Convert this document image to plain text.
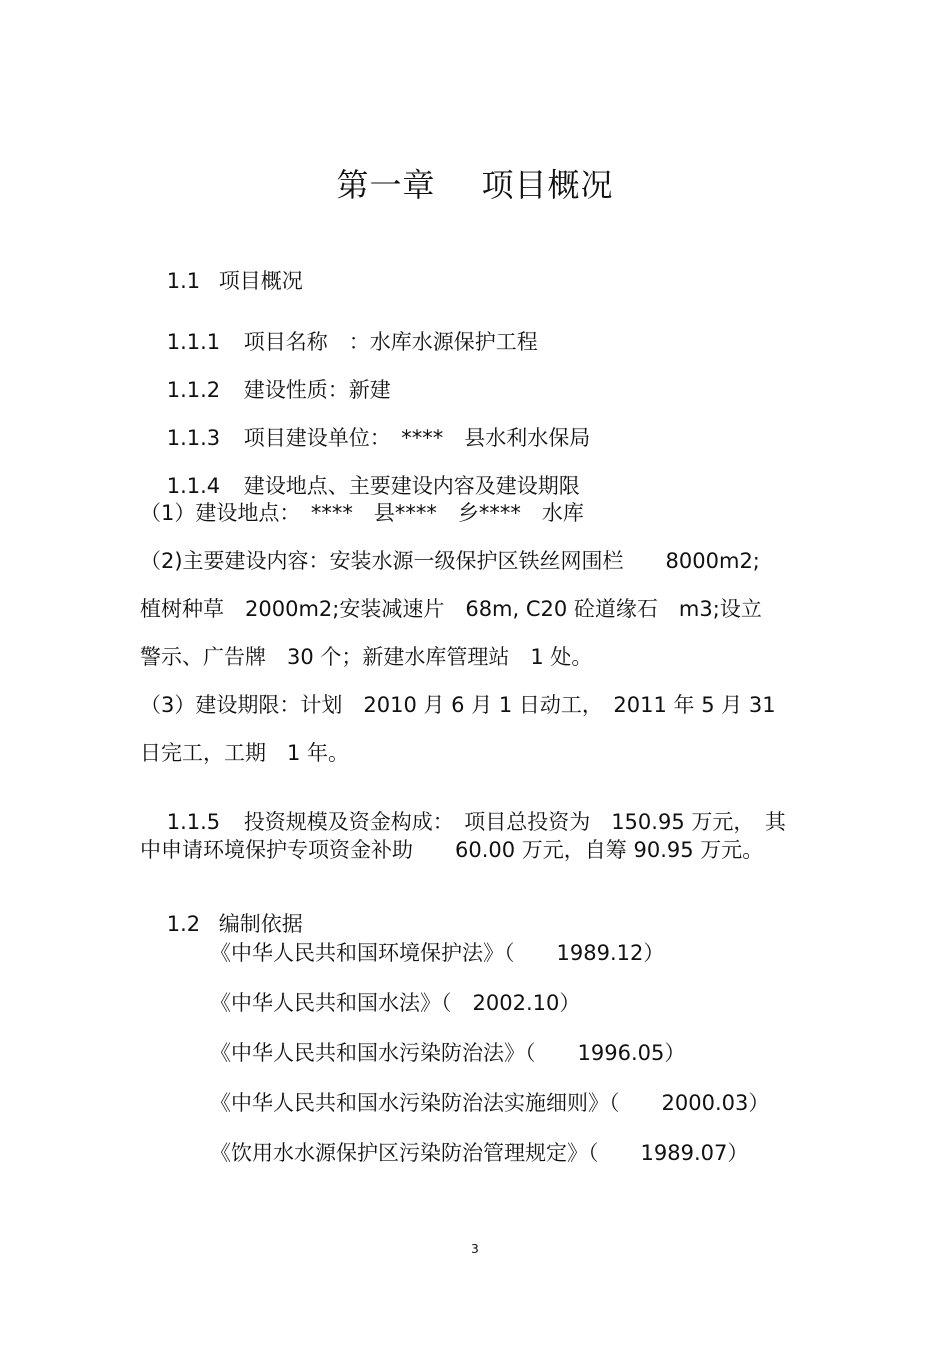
第一章 项目概况

1.1 项目概况

1.1.1 项目名称　：水库水源保护工程

1.1.2 建设性质：新建

1.1.3 项目建设单位：　****　县水利水保局

1.1.4 建设地点、主要建设内容及建设期限

（1）建设地点：　****　县****　乡****　水库
（2)主要建设内容：安装水源一级保护区铁丝网围栏　　8000m2;
植树种草　2000m2;安装减速片　68m, C20 砼道缘石　m3;设立
警示、广告牌　30 个；新建水库管理站　1 处。
（3）建设期限：计划　2010 月 6 月 1 日动工，　2011 年 5 月 31
日完工，工期　1 年。

1.1.5 投资规模及资金构成：　项目总投资为　150.95 万元，　其

中申请环境保护专项资金补助　　60.00 万元，自筹 90.95 万元。

1.2 编制依据

《中华人民共和国环境保护法》（　　1989.12）
《中华人民共和国水法》（　2002.10）
《中华人民共和国水污染防治法》（　　1996.05）
《中华人民共和国水污染防治法实施细则》（　　2000.03）
《饮用水水源保护区污染防治管理规定》（　　1989.07）
3
